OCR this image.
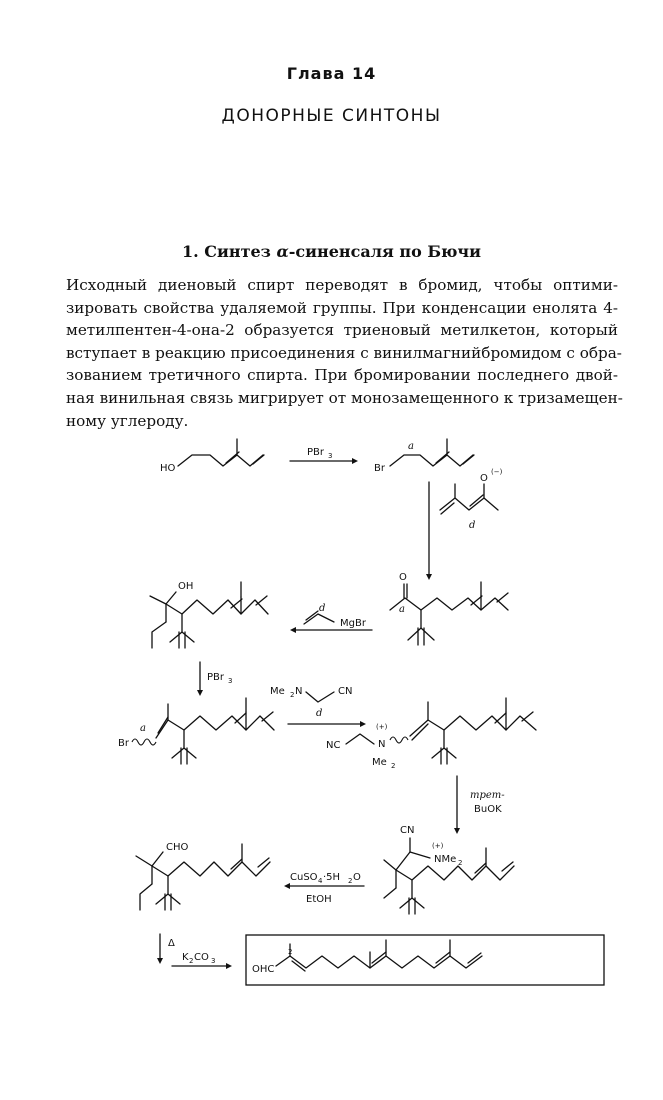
Глава 14
ДОНОРНЫЕ СИНТОНЫ
1. Синтез α-синенсаля по Бючи
Исходный диеновый спирт переводят в бромид, чтобы оптими-
зировать свойства удаляемой группы. При конденсации енолята 4-
метилпентен-4-она-2 образуется триеновый метилкетон, который
вступает в реакцию присоединения с винилмагнийбромидом с обра-
зованием третичного спирта. При бромировании последнего двой-
ная винильная связь мигрирует от монозамещенного к тризамещен-
ному углероду.
HO
PBr 3
Br
a
O
(−)
d
O
a
MgBr
d
OH
PBr 3
Br
a
Me 2 N	CN
d
NC
(+)
N
Me 2
трет-
BuOK
CN
(+)
NMe 2
CuSO 4 ·5H 2 O
EtOH
CHO
Δ
K 2 CO 3
OHC
2
